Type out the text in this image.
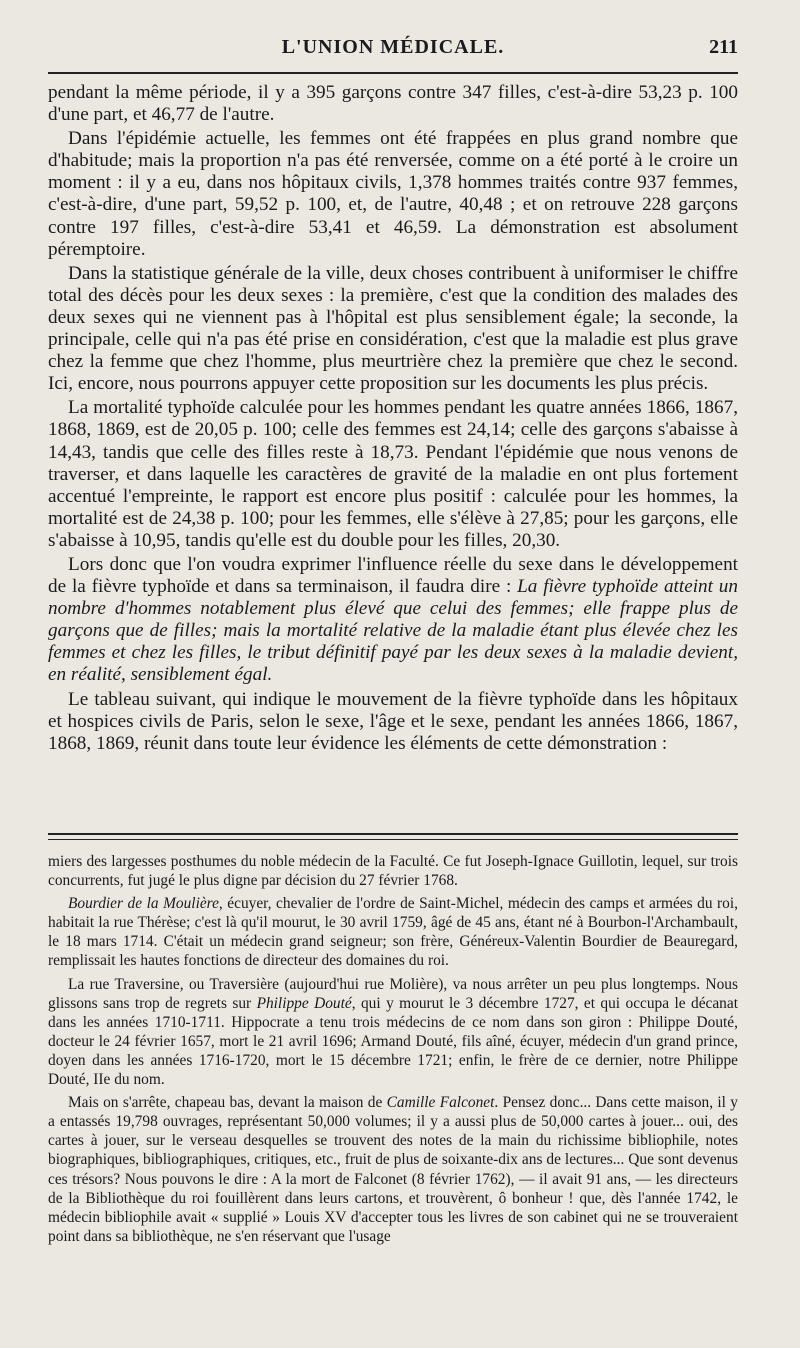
L'UNION MÉDICALE.	211

pendant la même période, il y a 395 garçons contre 347 filles, c'est-à-dire 53,23 p. 100 d'une part, et 46,77 de l'autre.

Dans l'épidémie actuelle, les femmes ont été frappées en plus grand nombre que d'habitude; mais la proportion n'a pas été renversée, comme on a été porté à le croire un moment : il y a eu, dans nos hôpitaux civils, 1,378 hommes traités contre 937 femmes, c'est-à-dire, d'une part, 59,52 p. 100, et, de l'autre, 40,48 ; et on retrouve 228 garçons contre 197 filles, c'est-à-dire 53,41 et 46,59. La démonstration est absolument péremptoire.

Dans la statistique générale de la ville, deux choses contribuent à uniformiser le chiffre total des décès pour les deux sexes : la première, c'est que la condition des malades des deux sexes qui ne viennent pas à l'hôpital est plus sensiblement égale; la seconde, la principale, celle qui n'a pas été prise en considération, c'est que la maladie est plus grave chez la femme que chez l'homme, plus meurtrière chez la première que chez le second. Ici, encore, nous pourrons appuyer cette proposition sur les documents les plus précis.

La mortalité typhoïde calculée pour les hommes pendant les quatre années 1866, 1867, 1868, 1869, est de 20,05 p. 100; celle des femmes est 24,14; celle des garçons s'abaisse à 14,43, tandis que celle des filles reste à 18,73. Pendant l'épidémie que nous venons de traverser, et dans laquelle les caractères de gravité de la maladie en ont plus fortement accentué l'empreinte, le rapport est encore plus positif : calculée pour les hommes, la mortalité est de 24,38 p. 100; pour les femmes, elle s'élève à 27,85; pour les garçons, elle s'abaisse à 10,95, tandis qu'elle est du double pour les filles, 20,30.

Lors donc que l'on voudra exprimer l'influence réelle du sexe dans le développement de la fièvre typhoïde et dans sa terminaison, il faudra dire : La fièvre typhoïde atteint un nombre d'hommes notablement plus élevé que celui des femmes; elle frappe plus de garçons que de filles; mais la mortalité relative de la maladie étant plus élevée chez les femmes et chez les filles, le tribut définitif payé par les deux sexes à la maladie devient, en réalité, sensiblement égal.

Le tableau suivant, qui indique le mouvement de la fièvre typhoïde dans les hôpitaux et hospices civils de Paris, selon le sexe, l'âge et le sexe, pendant les années 1866, 1867, 1868, 1869, réunit dans toute leur évidence les éléments de cette démonstration :

miers des largesses posthumes du noble médecin de la Faculté. Ce fut Joseph-Ignace Guillotin, lequel, sur trois concurrents, fut jugé le plus digne par décision du 27 février 1768.

Bourdier de la Moulière, écuyer, chevalier de l'ordre de Saint-Michel, médecin des camps et armées du roi, habitait la rue Thérèse; c'est là qu'il mourut, le 30 avril 1759, âgé de 45 ans, étant né à Bourbon-l'Archambault, le 18 mars 1714. C'était un médecin grand seigneur; son frère, Généreux-Valentin Bourdier de Beauregard, remplissait les hautes fonctions de directeur des domaines du roi.

La rue Traversine, ou Traversière (aujourd'hui rue Molière), va nous arrêter un peu plus longtemps. Nous glissons sans trop de regrets sur Philippe Douté, qui y mourut le 3 décembre 1727, et qui occupa le décanat dans les années 1710-1711. Hippocrate a tenu trois médecins de ce nom dans son giron : Philippe Douté, docteur le 24 février 1657, mort le 21 avril 1696; Armand Douté, fils aîné, écuyer, médecin d'un grand prince, doyen dans les années 1716-1720, mort le 15 décembre 1721; enfin, le frère de ce dernier, notre Philippe Douté, IIe du nom.

Mais on s'arrête, chapeau bas, devant la maison de Camille Falconet. Pensez donc... Dans cette maison, il y a entassés 19,798 ouvrages, représentant 50,000 volumes; il y a aussi plus de 50,000 cartes à jouer... oui, des cartes à jouer, sur le verseau desquelles se trouvent des notes de la main du richissime bibliophile, notes biographiques, bibliographiques, critiques, etc., fruit de plus de soixante-dix ans de lectures... Que sont devenus ces trésors? Nous pouvons le dire : A la mort de Falconet (8 février 1762), — il avait 91 ans, — les directeurs de la Bibliothèque du roi fouillèrent dans leurs cartons, et trouvèrent, ô bonheur ! que, dès l'année 1742, le médecin bibliophile avait « supplié » Louis XV d'accepter tous les livres de son cabinet qui ne se trouveraient point dans sa bibliothèque, ne s'en réservant que l'usage
